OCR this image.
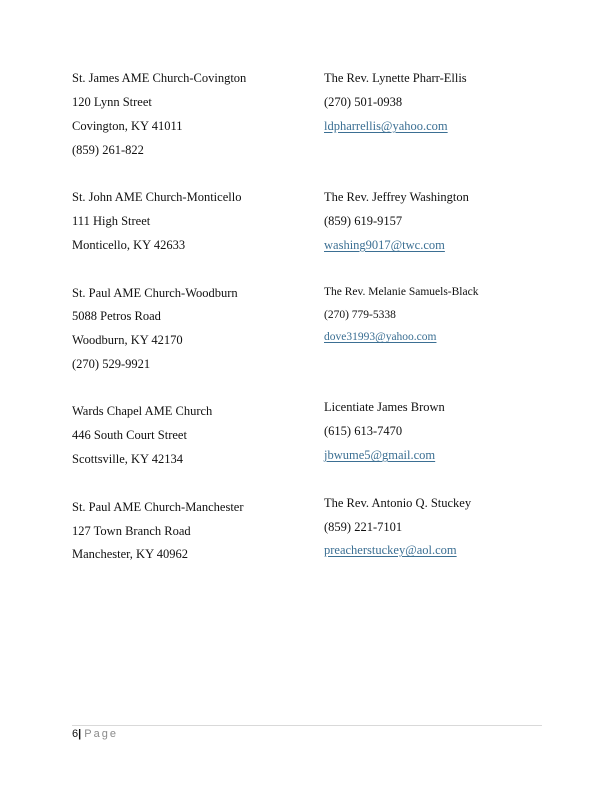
St. James AME Church-Covington
120 Lynn Street
Covington, KY 41011
(859) 261-822
The Rev. Lynette Pharr-Ellis
(270) 501-0938
ldpharrellis@yahoo.com
St. John AME Church-Monticello
111 High Street
Monticello, KY 42633
The Rev. Jeffrey Washington
(859) 619-9157
washing9017@twc.com
St. Paul AME Church-Woodburn
5088 Petros Road
Woodburn, KY 42170
(270) 529-9921
The Rev. Melanie Samuels-Black
(270) 779-5338
dove31993@yahoo.com
Wards Chapel AME Church
446 South Court Street
Scottsville, KY 42134
Licentiate James Brown
(615) 613-7470
jbwume5@gmail.com
St. Paul AME Church-Manchester
127 Town Branch Road
Manchester, KY 40962
The Rev. Antonio Q. Stuckey
(859) 221-7101
preacherstuckey@aol.com
6| Page
